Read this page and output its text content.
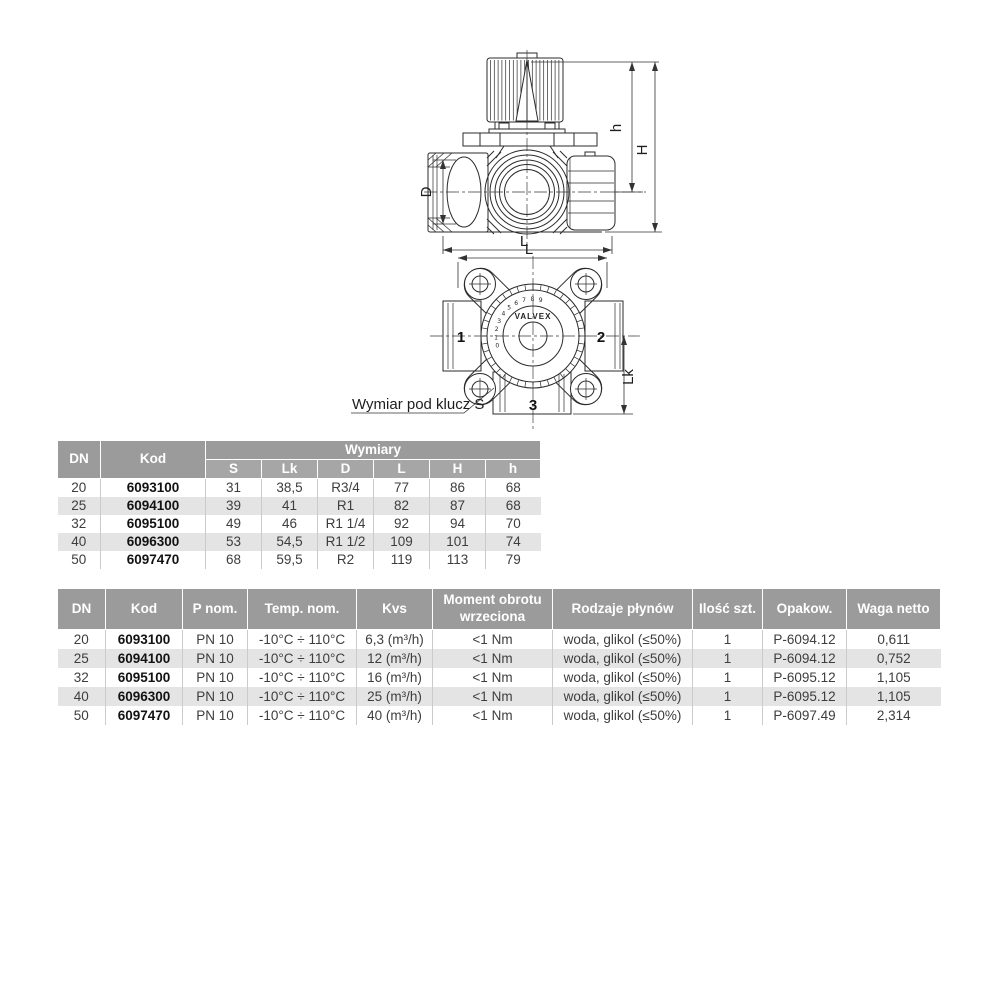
D
h
H
L
0
1
2
3
4
5
6 7 8 9
VALVEX
1	2
3
L
Lk
Wymiar pod klucz S
DN	Kod	Wymiary					
		S	Lk	D	L	H	h
20	6093100	31	38,5	R3/4	77	86	68
25	6094100	39	41	R1	82	87	68
32	6095100	49	46	R1 1/4	92	94	70
40	6096300	53	54,5	R1 1/2	109	101	74
50	6097470	68	59,5	R2	119	113	79
DN	Kod	P nom.	Temp. nom.	Kvs	Moment obrotu wrzeciona	Rodzaje płynów	Ilość szt.	Opakow.	Waga netto
20	6093100	PN 10	-10°C ÷ 110°C	6,3 (m³/h)	<1 Nm	woda, glikol (≤50%)	1	P-6094.12	0,611
25	6094100	PN 10	-10°C ÷ 110°C	12 (m³/h)	<1 Nm	woda, glikol (≤50%)	1	P-6094.12	0,752
32	6095100	PN 10	-10°C ÷ 110°C	16 (m³/h)	<1 Nm	woda, glikol (≤50%)	1	P-6095.12	1,105
40	6096300	PN 10	-10°C ÷ 110°C	25 (m³/h)	<1 Nm	woda, glikol (≤50%)	1	P-6095.12	1,105
50	6097470	PN 10	-10°C ÷ 110°C	40 (m³/h)	<1 Nm	woda, glikol (≤50%)	1	P-6097.49	2,314
